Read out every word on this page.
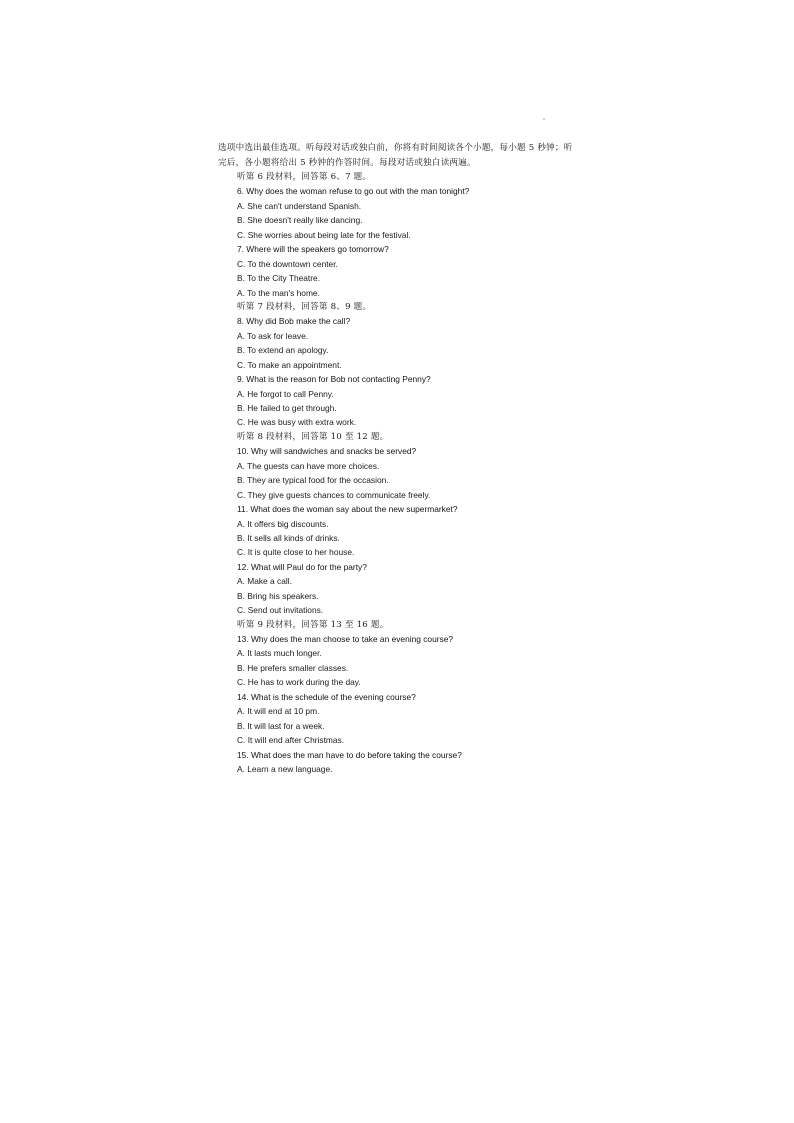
选项中选出最佳选项。听每段对话或独白前，你将有时间阅读各个小题，每小题 5 秒钟；听
完后，各小题将给出 5 秒钟的作答时间。每段对话或独白读两遍。
听第 6 段材料，回答第 6、7 题。
6. Why does the woman refuse to go out with the man tonight?
A. She can't understand Spanish.
B. She doesn't really like dancing.
C. She worries about being late for the festival.
7. Where will the speakers go tomorrow?
C. To the downtown center.
B. To the City Theatre.
A. To the man's home.
听第 7 段材料，回答第 8、9 题。
8. Why did Bob make the call?
A. To ask for leave.
B. To extend an apology.
C. To make an appointment.
9. What is the reason for Bob not contacting Penny?
A. He forgot to call Penny.
B. He failed to get through.
C. He was busy with extra work.
听第 8 段材料，回答第 10 至 12 题。
10. Why will sandwiches and snacks be served?
A. The guests can have more choices.
B. They are typical food for the occasion.
C. They give guests chances to communicate freely.
11. What does the woman say about the new supermarket?
A. It offers big discounts.
B. It sells all kinds of drinks.
C. It is quite close to her house.
12. What will Paul do for the party?
A. Make a call.
B. Bring his speakers.
C. Send out invitations.
听第 9 段材料，回答第 13 至 16 题。
13. Why does the man choose to take an evening course?
A. It lasts much longer.
B. He prefers smaller classes.
C. He has to work during the day.
14. What is the schedule of the evening course?
A. It will end at 10 pm.
B. It will last for a week.
C. It will end after Christmas.
15. What does the man have to do before taking the course?
A. Learn a new language.
